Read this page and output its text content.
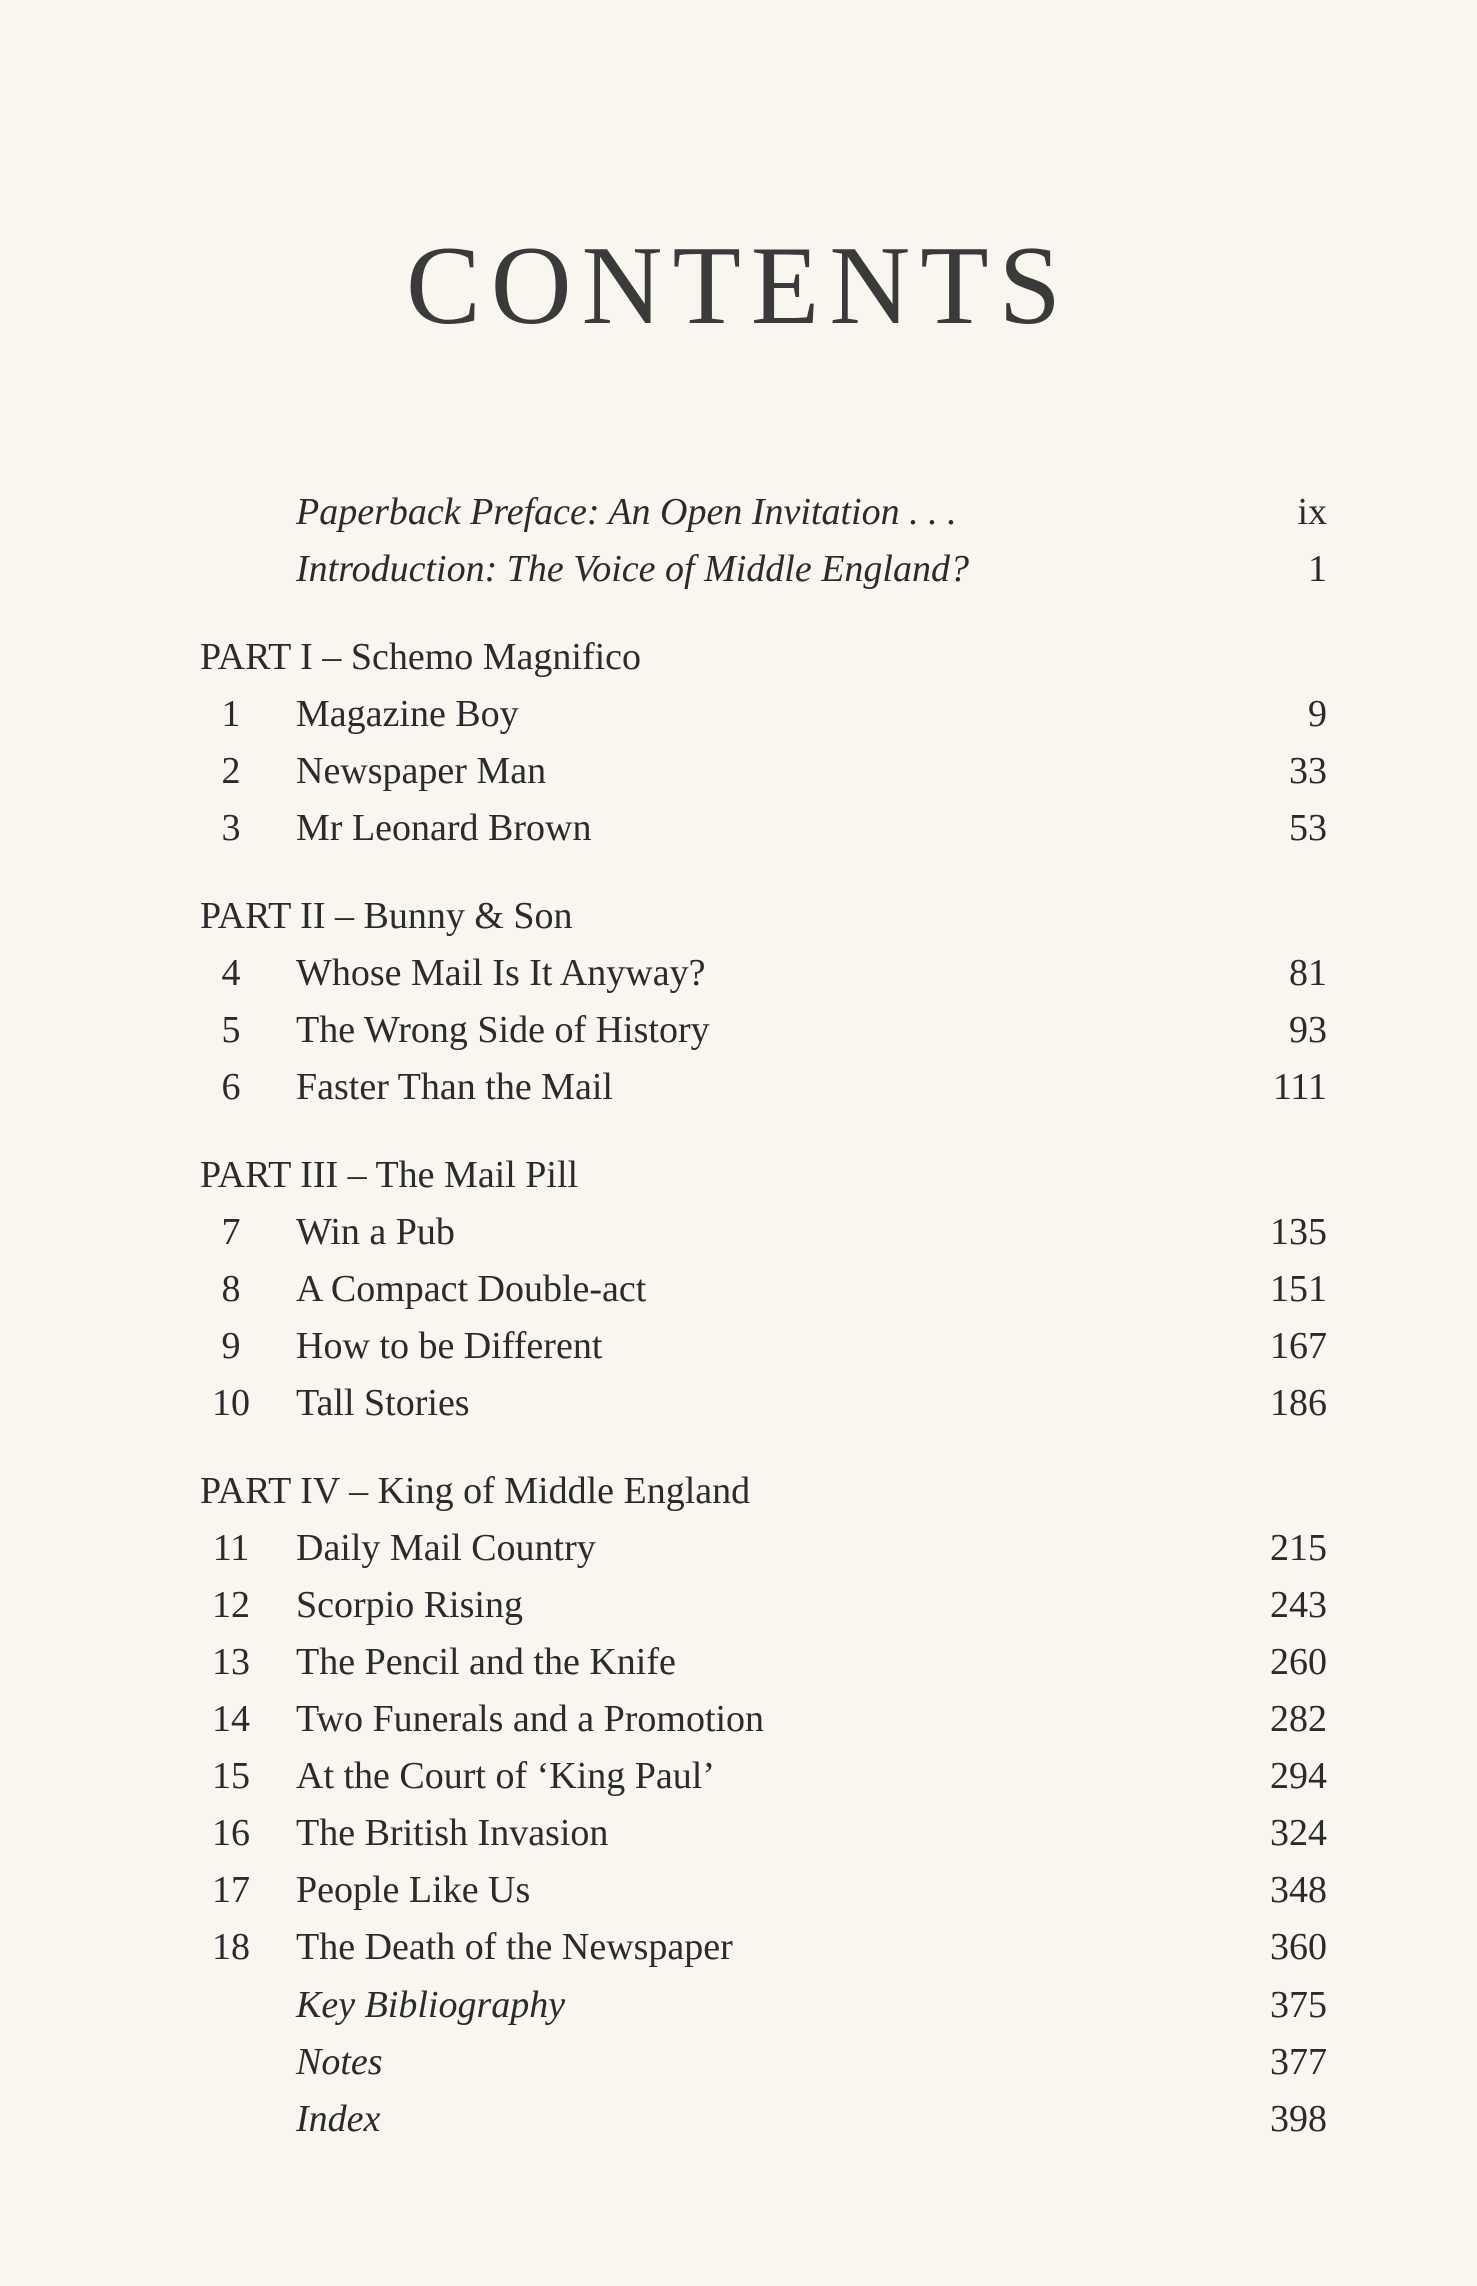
CONTENTS
Paperback Preface: An Open Invitation . . .	ix
Introduction: The Voice of Middle England?	1
PART I – Schemo Magnifico
1	Magazine Boy	9
2	Newspaper Man	33
3	Mr Leonard Brown	53
PART II – Bunny & Son
4	Whose Mail Is It Anyway?	81
5	The Wrong Side of History	93
6	Faster Than the Mail	111
PART III – The Mail Pill
7	Win a Pub	135
8	A Compact Double-act	151
9	How to be Different	167
10	Tall Stories	186
PART IV – King of Middle England
11	Daily Mail Country	215
12	Scorpio Rising	243
13	The Pencil and the Knife	260
14	Two Funerals and a Promotion	282
15	At the Court of ‘King Paul’	294
16	The British Invasion	324
17	People Like Us	348
18	The Death of the Newspaper	360
Key Bibliography	375
Notes	377
Index	398
